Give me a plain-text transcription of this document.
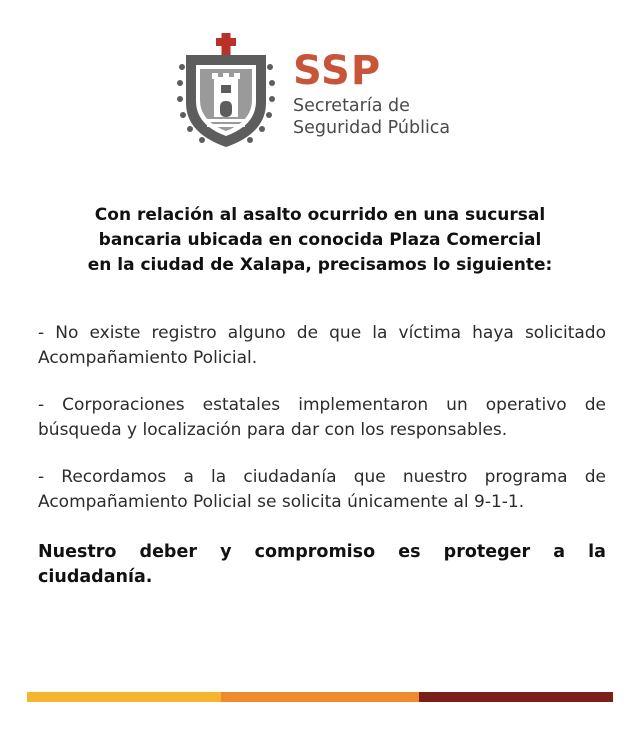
SSP
Secretaría de
Seguridad Pública
Con relación al asalto ocurrido en una sucursal
bancaria ubicada en conocida Plaza Comercial
en la ciudad de Xalapa, precisamos lo siguiente:

- No existe registro alguno de que la víctima haya solicitado Acompañamiento Policial.

- Corporaciones estatales implementaron un operativo de búsqueda y localización para dar con los responsables.

- Recordamos a la ciudadanía que nuestro programa de Acompañamiento Policial se solicita únicamente al 9-1-1.

Nuestro deber y compromiso es proteger a la ciudadanía.
